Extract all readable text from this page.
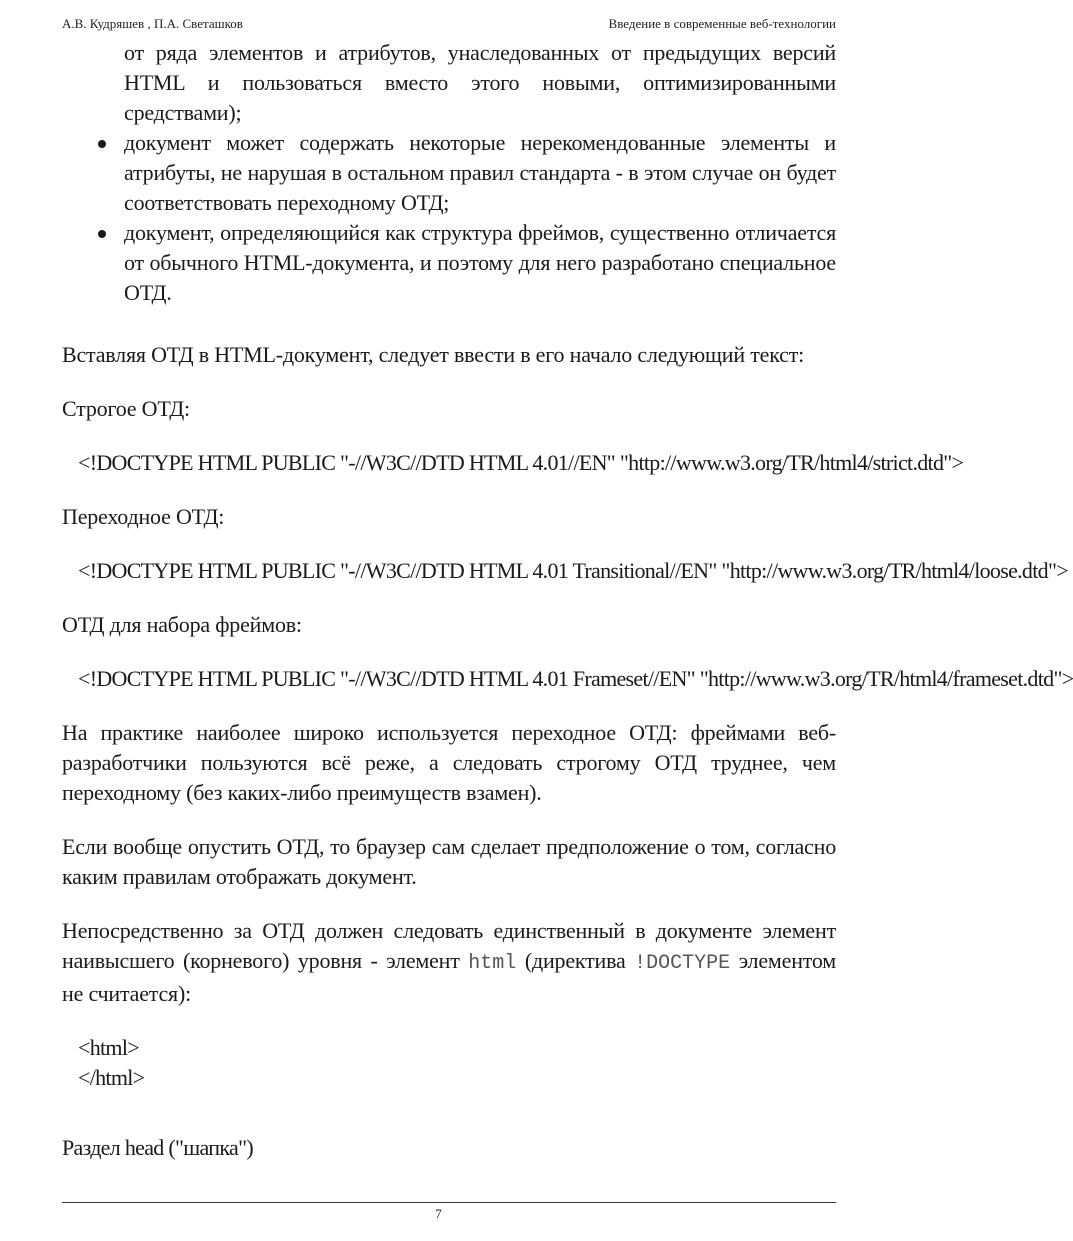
А.В. Кудряшев , П.А. Светашков	Введение в современные веб-технологии
от ряда элементов и атрибутов, унаследованных от предыдущих версий HTML и пользоваться вместо этого новыми, оптимизированными средствами);
документ может содержать некоторые нерекомендованные элементы и атрибуты, не нарушая в остальном правил стандарта - в этом случае он будет соответствовать переходному ОТД;
документ, определяющийся как структура фреймов, существенно отличается от обычного HTML-документа, и поэтому для него разработано специальное ОТД.

Вставляя ОТД в HTML-документ, следует ввести в его начало следующий текст:

Строгое ОТД:

<!DOCTYPE HTML PUBLIC "-//W3C//DTD HTML 4.01//EN" "http://www.w3.org/TR/html4/strict.dtd">

Переходное ОТД:

<!DOCTYPE HTML PUBLIC "-//W3C//DTD HTML 4.01 Transitional//EN" "http://www.w3.org/TR/html4/loose.dtd">

ОТД для набора фреймов:

<!DOCTYPE HTML PUBLIC "-//W3C//DTD HTML 4.01 Frameset//EN" "http://www.w3.org/TR/html4/frameset.dtd">

На практике наиболее широко используется переходное ОТД: фреймами веб-разработчики пользуются всё реже, а следовать строгому ОТД труднее, чем переходному (без каких-либо преимуществ взамен).

Если вообще опустить ОТД, то браузер сам сделает предположение о том, согласно каким правилам отображать документ.

Непосредственно за ОТД должен следовать единственный в документе элемент наивысшего (корневого) уровня - элемент html (директива !DOCTYPE элементом не считается):

<html>
</html>
Раздел head ("шапка")
7
